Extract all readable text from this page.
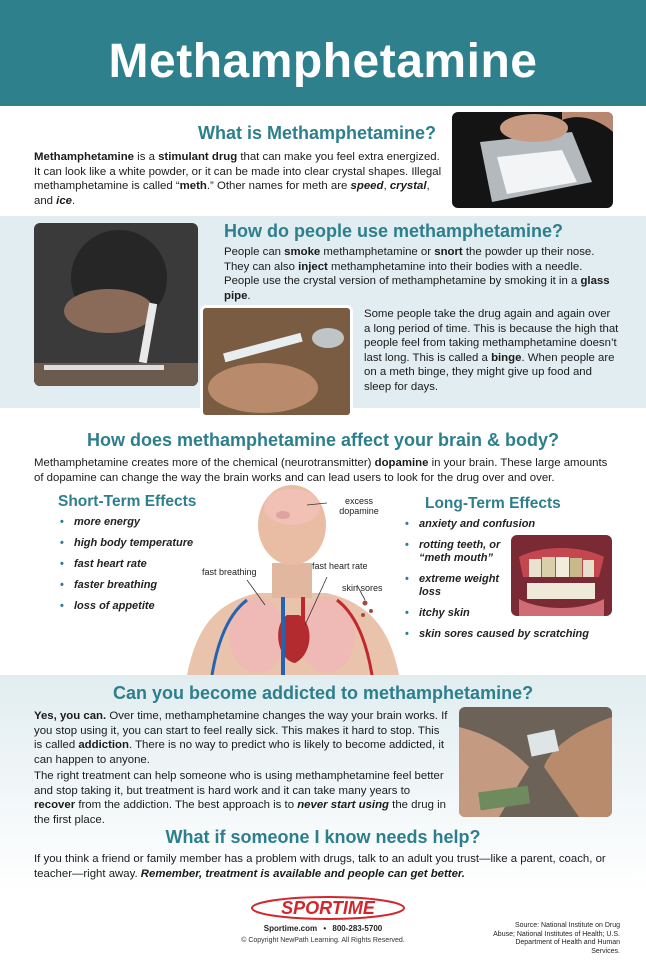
Methamphetamine
What is Methamphetamine?

Methamphetamine is a stimulant drug that can make you feel extra energized. It can look like a white powder, or it can be made into clear crystal shapes. Illegal methamphetamine is called “meth.” Other names for meth are speed, crystal, and ice.

How do people use methamphetamine?

People can smoke methamphetamine or snort the powder up their nose. They can also inject methamphetamine into their bodies with a needle. People use the crystal version of methamphetamine by smoking it in a glass pipe.

Some people take the drug again and again over a long period of time. This is because the high that people feel from taking methamphetamine doesn’t last long. This is called a binge. When people are on a meth binge, they might give up food and sleep for days.

How does methamphetamine affect your brain & body?

Methamphetamine creates more of the chemical (neurotransmitter) dopamine in your brain. These large amounts of dopamine can change the way the brain works and can lead users to look for the drug over and over.

Short-Term Effects
• more energy
• high body temperature
• fast heart rate
• faster breathing
• loss of appetite
excess dopamine
fast breathing
fast heart rate
skin sores
Long-Term Effects
• anxiety and confusion
• rotting teeth, or “meth mouth”
• extreme weight loss
• itchy skin
• skin sores caused by scratching
Can you become addicted to methamphetamine?

Yes, you can. Over time, methamphetamine changes the way your brain works. If you stop using it, you can start to feel really sick. This makes it hard to stop. This is called addiction. There is no way to predict who is likely to become addicted, it can happen to anyone.

The right treatment can help someone who is using methamphetamine feel better and stop taking it, but treatment is hard work and it can take many years to recover from the addiction. The best approach is to never start using the drug in the first place.

What if someone I know needs help?

If you think a friend or family member has a problem with drugs, talk to an adult you trust—like a parent, coach, or teacher—right away. Remember, treatment is available and people can get better.

SPORTIME
Sportime.com • 800-283-5700
© Copyright NewPath Learning. All Rights Reserved.
Source: National Institute on Drug Abuse; National Institutes of Health; U.S. Department of Health and Human Services.
